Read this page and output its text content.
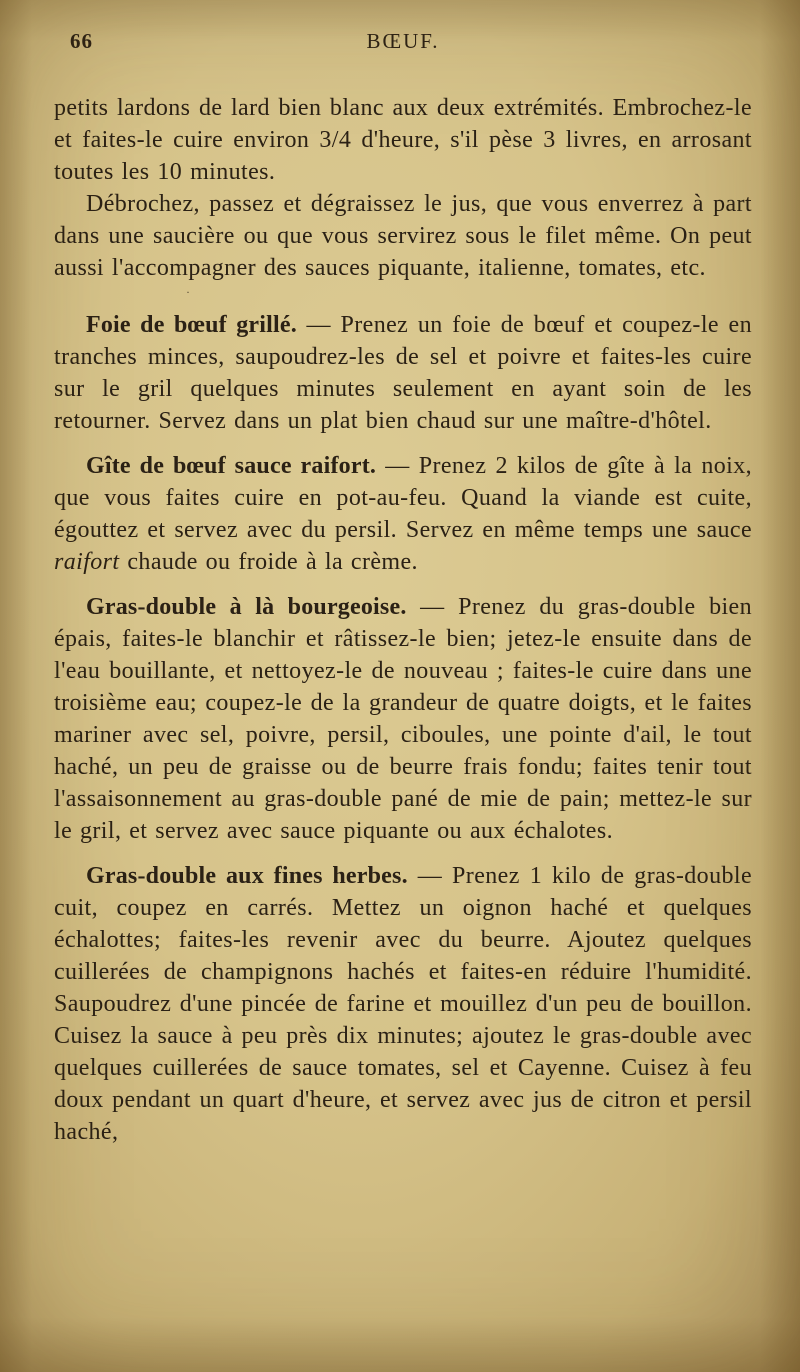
66	BŒUF.

petits lardons de lard bien blanc aux deux extrémités. Embrochez-le et faites-le cuire environ 3/4 d'heure, s'il pèse 3 livres, en arrosant toutes les 10 minutes.

Débrochez, passez et dégraissez le jus, que vous enverrez à part dans une saucière ou que vous servirez sous le filet même. On peut aussi l'accompagner des sauces piquante, italienne, tomates, etc.

·

Foie de bœuf grillé. — Prenez un foie de bœuf et coupez-le en tranches minces, saupoudrez-les de sel et poivre et faites-les cuire sur le gril quelques minutes seulement en ayant soin de les retourner. Servez dans un plat bien chaud sur une maître-d'hôtel.

Gîte de bœuf sauce raifort. — Prenez 2 kilos de gîte à la noix, que vous faites cuire en pot-au-feu. Quand la viande est cuite, égouttez et servez avec du persil. Servez en même temps une sauce raifort chaude ou froide à la crème.

Gras-double à là bourgeoise. — Prenez du gras-double bien épais, faites-le blanchir et râtissez-le bien; jetez-le ensuite dans de l'eau bouillante, et nettoyez-le de nouveau ; faites-le cuire dans une troisième eau; coupez-le de la grandeur de quatre doigts, et le faites mariner avec sel, poivre, persil, ciboules, une pointe d'ail, le tout haché, un peu de graisse ou de beurre frais fondu; faites tenir tout l'assaisonnement au gras-double pané de mie de pain; mettez-le sur le gril, et servez avec sauce piquante ou aux échalotes.

Gras-double aux fines herbes. — Prenez 1 kilo de gras-double cuit, coupez en carrés. Mettez un oignon haché et quelques échalottes; faites-les revenir avec du beurre. Ajoutez quelques cuillerées de champignons hachés et faites-en réduire l'humidité. Saupoudrez d'une pincée de farine et mouillez d'un peu de bouillon. Cuisez la sauce à peu près dix minutes; ajoutez le gras-double avec quelques cuillerées de sauce tomates, sel et Cayenne. Cuisez à feu doux pendant un quart d'heure, et servez avec jus de citron et persil haché,
